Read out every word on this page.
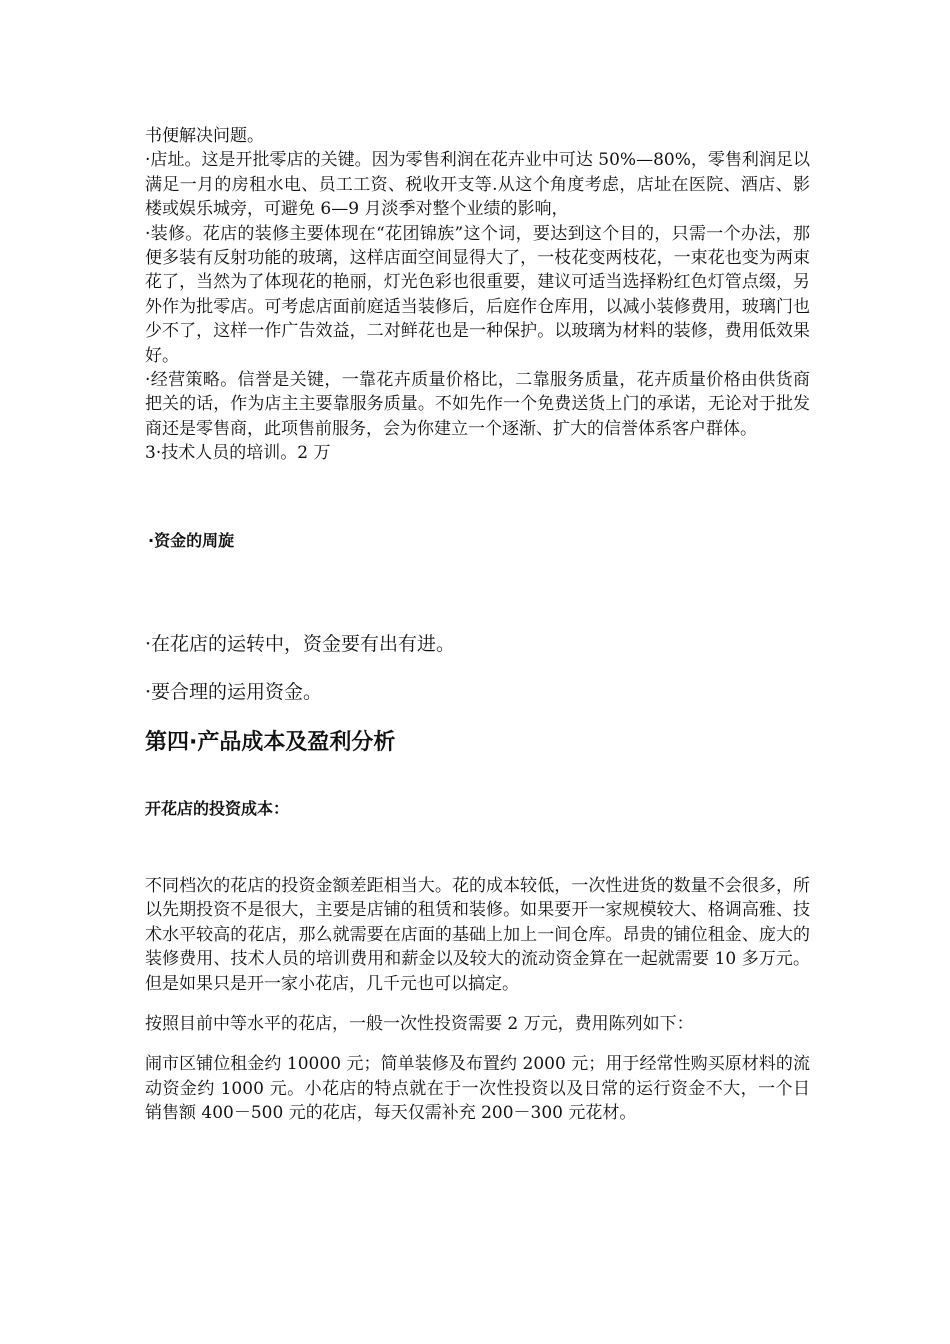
书便解决问题。

·店址。这是开批零店的关键。因为零售利润在花卉业中可达 50%—80%，零售利润足以满足一月的房租水电、员工工资、税收开支等.从这个角度考虑，店址在医院、酒店、影楼或娱乐城旁，可避免 6—9 月淡季对整个业绩的影响，

·装修。花店的装修主要体现在“花团锦族”这个词，要达到这个目的，只需一个办法，那便多装有反射功能的玻璃，这样店面空间显得大了，一枝花变两枝花，一束花也变为两束花了，当然为了体现花的艳丽，灯光色彩也很重要，建议可适当选择粉红色灯管点缀，另外作为批零店。可考虑店面前庭适当装修后，后庭作仓库用，以减小装修费用，玻璃门也少不了，这样一作广告效益，二对鲜花也是一种保护。以玻璃为材料的装修，费用低效果好。

·经营策略。信誉是关键，一靠花卉质量价格比，二靠服务质量，花卉质量价格由供货商把关的话，作为店主主要靠服务质量。不如先作一个免费送货上门的承诺，无论对于批发商还是零售商，此项售前服务，会为你建立一个逐渐、扩大的信誉体系客户群体。

3·技术人员的培训。2 万

·资金的周旋

·在花店的运转中，资金要有出有进。

·要合理的运用资金。

第四·产品成本及盈利分析
开花店的投资成本：

不同档次的花店的投资金额差距相当大。花的成本较低，一次性进货的数量不会很多，所以先期投资不是很大，主要是店铺的租赁和装修。如果要开一家规模较大、格调高雅、技术水平较高的花店，那么就需要在店面的基础上加上一间仓库。昂贵的铺位租金、庞大的装修费用、技术人员的培训费用和薪金以及较大的流动资金算在一起就需要 10 多万元。但是如果只是开一家小花店，几千元也可以搞定。

按照目前中等水平的花店，一般一次性投资需要 2 万元，费用陈列如下：

闹市区铺位租金约 10000 元；简单装修及布置约 2000 元；用于经常性购买原材料的流动资金约 1000 元。小花店的特点就在于一次性投资以及日常的运行资金不大，一个日销售额 400－500 元的花店，每天仅需补充 200－300 元花材。
